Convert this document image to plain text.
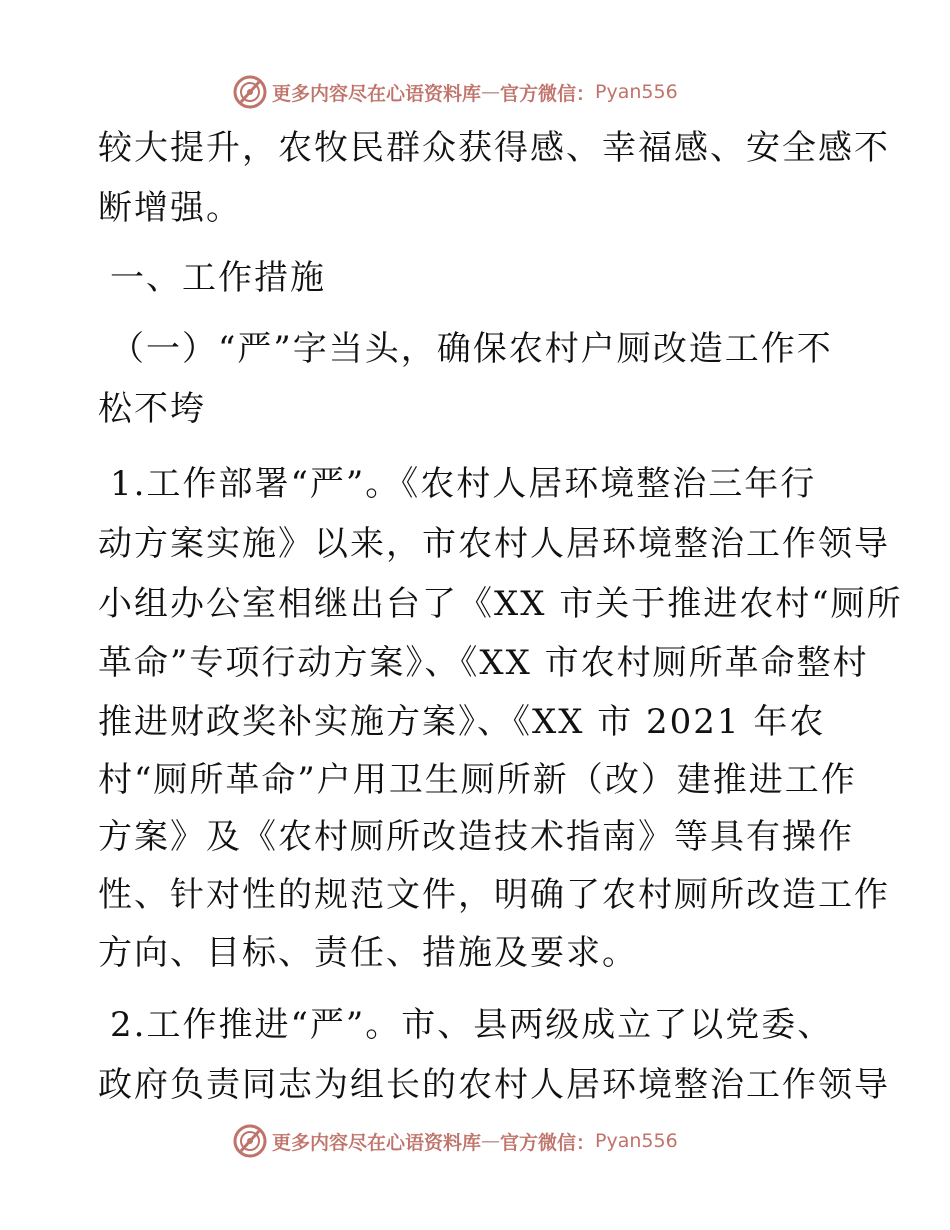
更多内容尽在心语资料库 — 官方微信： Pyan556
较大提升，农牧民群众获得感、幸福感、安全感不
断增强。
一、工作措施
（一）“严”字当头，确保农村户厕改造工作不
松不垮
1.工作部署“严”。《农村人居环境整治三年行
动方案实施》以来，市农村人居环境整治工作领导
小组办公室相继出台了《XX 市关于推进农村“厕所
革命”专项行动方案》、《XX 市农村厕所革命整村
推进财政奖补实施方案》、《XX 市 2021 年农
村“厕所革命”户用卫生厕所新（改）建推进工作
方案》及《农村厕所改造技术指南》等具有操作
性、针对性的规范文件，明确了农村厕所改造工作
方向、目标、责任、措施及要求。
2.工作推进“严”。市、县两级成立了以党委、
政府负责同志为组长的农村人居环境整治工作领导
更多内容尽在心语资料库 — 官方微信： Pyan556
